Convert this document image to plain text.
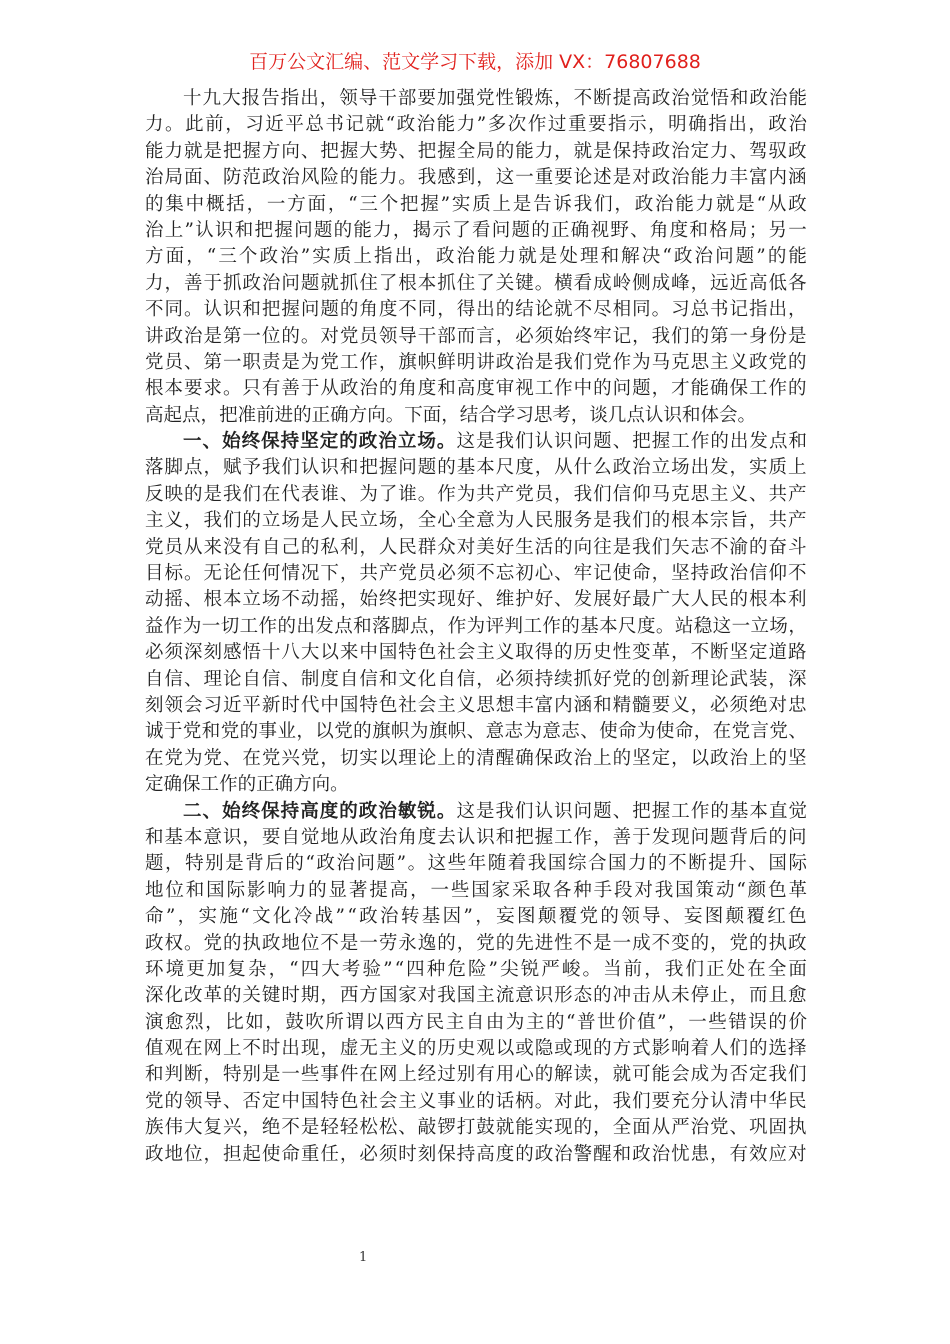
百万公文汇编、范文学习下载，添加 VX：76807688
十 九 大 报 告 指 出 ， 领 导 干 部 要 加 强 党 性 锻 炼 ， 不 断 提 高 政 治 觉 悟 和 政 治 能
力 。 此 前 ， 习 近 平 总 书 记 就 “ 政 治 能 力 ” 多 次 作 过 重 要 指 示 ， 明 确 指 出 ， 政 治
能 力 就 是 把 握 方 向 、 把 握 大 势 、 把 握 全 局 的 能 力 ， 就 是 保 持 政 治 定 力 、 驾 驭 政
治 局 面 、 防 范 政 治 风 险 的 能 力 。 我 感 到 ， 这 一 重 要 论 述 是 对 政 治 能 力 丰 富 内 涵
的 集 中 概 括 ， 一 方 面 ， “ 三 个 把 握 ” 实 质 上 是 告 诉 我 们 ， 政 治 能 力 就 是 “ 从 政
治 上 ” 认 识 和 把 握 问 题 的 能 力 ， 揭 示 了 看 问 题 的 正 确 视 野 、 角 度 和 格 局 ； 另 一
方 面 ， “ 三 个 政 治 ” 实 质 上 指 出 ， 政 治 能 力 就 是 处 理 和 解 决 “ 政 治 问 题 ” 的 能
力 ， 善 于 抓 政 治 问 题 就 抓 住 了 根 本 抓 住 了 关 键 。 横 看 成 岭 侧 成 峰 ， 远 近 高 低 各
不 同 。 认 识 和 把 握 问 题 的 角 度 不 同 ， 得 出 的 结 论 就 不 尽 相 同 。 习 总 书 记 指 出 ，
讲 政 治 是 第 一 位 的 。 对 党 员 领 导 干 部 而 言 ， 必 须 始 终 牢 记 ， 我 们 的 第 一 身 份 是
党 员 、 第 一 职 责 是 为 党 工 作 ， 旗 帜 鲜 明 讲 政 治 是 我 们 党 作 为 马 克 思 主 义 政 党 的
根 本 要 求 。 只 有 善 于 从 政 治 的 角 度 和 高 度 审 视 工 作 中 的 问 题 ， 才 能 确 保 工 作 的
高 起 点 ， 把 准 前 进 的 正 确 方 向 。 下 面 ， 结 合 学 习 思 考 ， 谈 几 点 认 识 和 体 会 。
一 、 始 终 保 持 坚 定 的 政 治 立 场 。 这 是 我 们 认 识 问 题 、 把 握 工 作 的 出 发 点 和
落 脚 点 ， 赋 予 我 们 认 识 和 把 握 问 题 的 基 本 尺 度 ， 从 什 么 政 治 立 场 出 发 ， 实 质 上
反 映 的 是 我 们 在 代 表 谁 、 为 了 谁 。 作 为 共 产 党 员 ， 我 们 信 仰 马 克 思 主 义 、 共 产
主 义 ， 我 们 的 立 场 是 人 民 立 场 ， 全 心 全 意 为 人 民 服 务 是 我 们 的 根 本 宗 旨 ， 共 产
党 员 从 来 没 有 自 己 的 私 利 ， 人 民 群 众 对 美 好 生 活 的 向 往 是 我 们 矢 志 不 渝 的 奋 斗
目 标 。 无 论 任 何 情 况 下 ， 共 产 党 员 必 须 不 忘 初 心 、 牢 记 使 命 ， 坚 持 政 治 信 仰 不
动 摇 、 根 本 立 场 不 动 摇 ， 始 终 把 实 现 好 、 维 护 好 、 发 展 好 最 广 大 人 民 的 根 本 利
益 作 为 一 切 工 作 的 出 发 点 和 落 脚 点 ， 作 为 评 判 工 作 的 基 本 尺 度 。 站 稳 这 一 立 场 ，
必 须 深 刻 感 悟 十 八 大 以 来 中 国 特 色 社 会 主 义 取 得 的 历 史 性 变 革 ， 不 断 坚 定 道 路
自 信 、 理 论 自 信 、 制 度 自 信 和 文 化 自 信 ， 必 须 持 续 抓 好 党 的 创 新 理 论 武 装 ， 深
刻 领 会 习 近 平 新 时 代 中 国 特 色 社 会 主 义 思 想 丰 富 内 涵 和 精 髓 要 义 ， 必 须 绝 对 忠
诚 于 党 和 党 的 事 业 ， 以 党 的 旗 帜 为 旗 帜 、 意 志 为 意 志 、 使 命 为 使 命 ， 在 党 言 党 、
在 党 为 党 、 在 党 兴 党 ， 切 实 以 理 论 上 的 清 醒 确 保 政 治 上 的 坚 定 ， 以 政 治 上 的 坚
定 确 保 工 作 的 正 确 方 向 。
二 、 始 终 保 持 高 度 的 政 治 敏 锐 。 这 是 我 们 认 识 问 题 、 把 握 工 作 的 基 本 直 觉
和 基 本 意 识 ， 要 自 觉 地 从 政 治 角 度 去 认 识 和 把 握 工 作 ， 善 于 发 现 问 题 背 后 的 问
题 ， 特 别 是 背 后 的 “ 政 治 问 题 ” 。 这 些 年 随 着 我 国 综 合 国 力 的 不 断 提 升 、 国 际
地 位 和 国 际 影 响 力 的 显 著 提 高 ， 一 些 国 家 采 取 各 种 手 段 对 我 国 策 动 “ 颜 色 革
命 ” ， 实 施 “ 文 化 冷 战 ” “ 政 治 转 基 因 ” ， 妄 图 颠 覆 党 的 领 导 、 妄 图 颠 覆 红 色
政 权 。 党 的 执 政 地 位 不 是 一 劳 永 逸 的 ， 党 的 先 进 性 不 是 一 成 不 变 的 ， 党 的 执 政
环 境 更 加 复 杂 ， “ 四 大 考 验 ” “ 四 种 危 险 ” 尖 锐 严 峻 。 当 前 ， 我 们 正 处 在 全 面
深 化 改 革 的 关 键 时 期 ， 西 方 国 家 对 我 国 主 流 意 识 形 态 的 冲 击 从 未 停 止 ， 而 且 愈
演 愈 烈 ， 比 如 ， 鼓 吹 所 谓 以 西 方 民 主 自 由 为 主 的 “ 普 世 价 值 ” ， 一 些 错 误 的 价
值 观 在 网 上 不 时 出 现 ， 虚 无 主 义 的 历 史 观 以 或 隐 或 现 的 方 式 影 响 着 人 们 的 选 择
和 判 断 ， 特 别 是 一 些 事 件 在 网 上 经 过 别 有 用 心 的 解 读 ， 就 可 能 会 成 为 否 定 我 们
党 的 领 导 、 否 定 中 国 特 色 社 会 主 义 事 业 的 话 柄 。 对 此 ， 我 们 要 充 分 认 清 中 华 民
族 伟 大 复 兴 ， 绝 不 是 轻 轻 松 松 、 敲 锣 打 鼓 就 能 实 现 的 ， 全 面 从 严 治 党 、 巩 固 执
政 地 位 ， 担 起 使 命 重 任 ， 必 须 时 刻 保 持 高 度 的 政 治 警 醒 和 政 治 忧 患 ， 有 效 应 对
1
